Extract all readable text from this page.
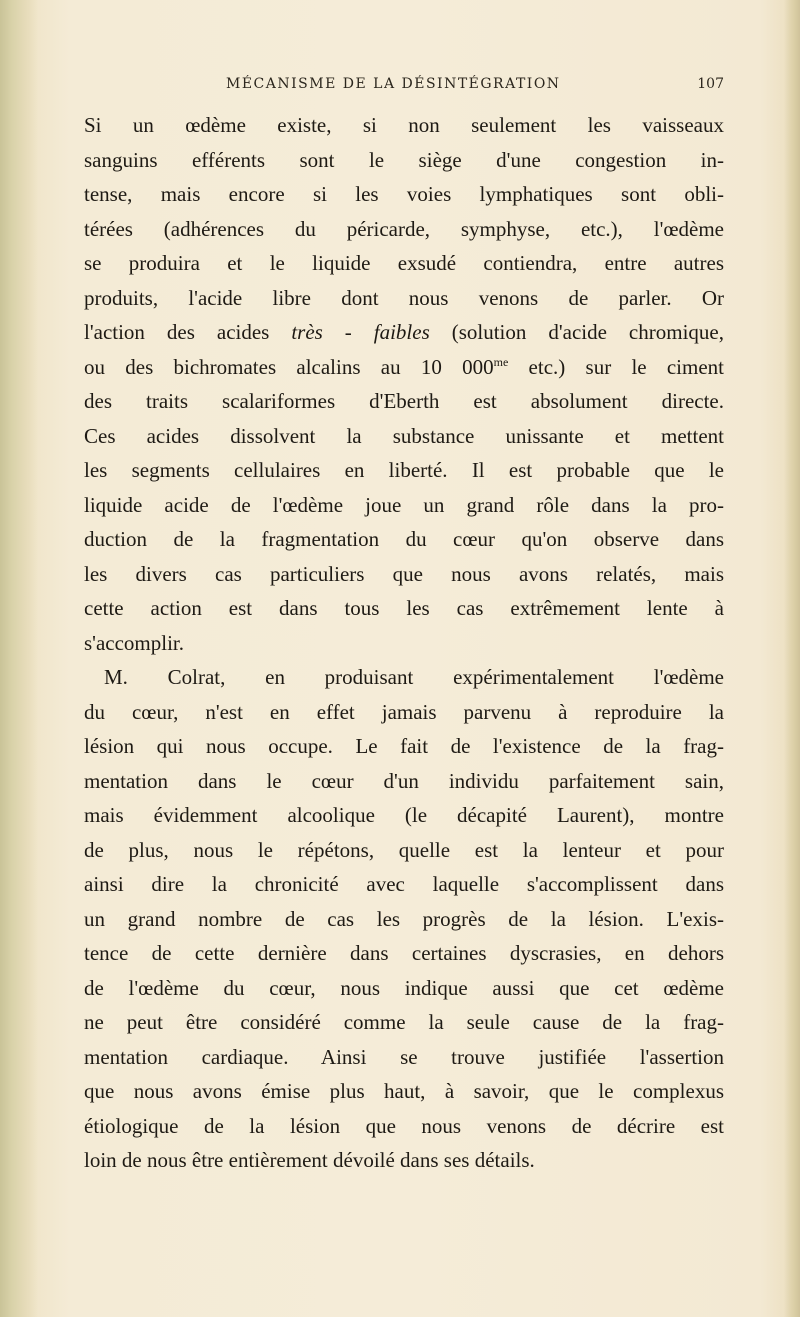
MÉCANISME DE LA DÉSINTÉGRATION	107
Si un œdème existe, si non seulement les vaisseaux
sanguins efférents sont le siège d'une congestion in-
tense, mais encore si les voies lymphatiques sont obli-
térées (adhérences du péricarde, symphyse, etc.), l'œdème
se produira et le liquide exsudé contiendra, entre autres
produits, l'acide libre dont nous venons de parler. Or
l'action des acides très - faibles (solution d'acide chromique,
ou des bichromates alcalins au 10 $000^{me}$ etc.) sur le ciment
des traits scalariformes d'Eberth est absolument directe.
Ces acides dissolvent la substance unissante et mettent
les segments cellulaires en liberté. Il est probable que le
liquide acide de l'œdème joue un grand rôle dans la pro-
duction de la fragmentation du cœur qu'on observe dans
les divers cas particuliers que nous avons relatés, mais
cette action est dans tous les cas extrêmement lente à
s'accomplir.
M. Colrat, en produisant expérimentalement l'œdème
du cœur, n'est en effet jamais parvenu à reproduire la
lésion qui nous occupe. Le fait de l'existence de la frag-
mentation dans le cœur d'un individu parfaitement sain,
mais évidemment alcoolique (le décapité Laurent), montre
de plus, nous le répétons, quelle est la lenteur et pour
ainsi dire la chronicité avec laquelle s'accomplissent dans
un grand nombre de cas les progrès de la lésion. L'exis-
tence de cette dernière dans certaines dyscrasies, en dehors
de l'œdème du cœur, nous indique aussi que cet œdème
ne peut être considéré comme la seule cause de la frag-
mentation cardiaque. Ainsi se trouve justifiée l'assertion
que nous avons émise plus haut, à savoir, que le complexus
étiologique de la lésion que nous venons de décrire est
loin de nous être entièrement dévoilé dans ses détails.
